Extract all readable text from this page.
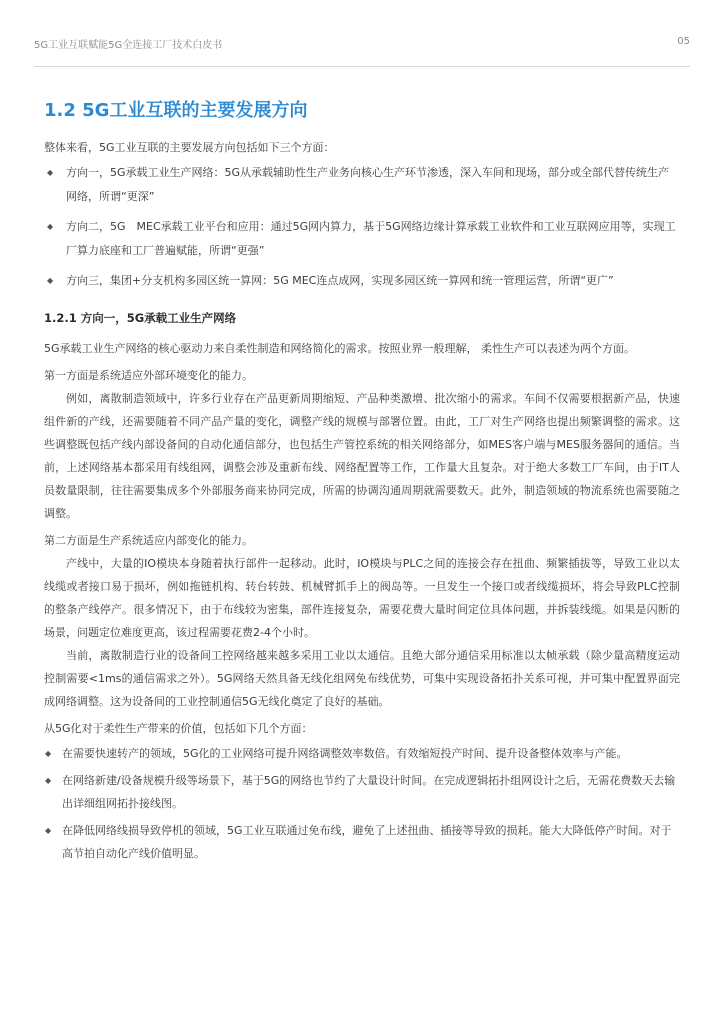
5G工业互联赋能5G全连接工厂技术白皮书	05
1.2 5G工业互联的主要发展方向

整体来看，5G工业互联的主要发展方向包括如下三个方面：

◆ 方向一，5G承载工业生产网络：5G从承载辅助性生产业务向核心生产环节渗透，深入车间和现场，部分或全部代替传统生产网络，所谓“更深”
◆ 方向二，5G　MEC承载工业平台和应用：通过5G网内算力，基于5G网络边缘计算承载工业软件和工业互联网应用等，实现工厂算力底座和工厂普遍赋能，所谓“更强”
◆ 方向三，集团+分支机构多园区统一算网：5G MEC连点成网，实现多园区统一算网和统一管理运营，所谓“更广”
1.2.1 方向一，5G承载工业生产网络

5G承载工业生产网络的核心驱动力来自柔性制造和网络简化的需求。按照业界一般理解， 柔性生产可以表述为两个方面。

第一方面是系统适应外部环境变化的能力。

例如，离散制造领域中，许多行业存在产品更新周期缩短、产品种类激增、批次缩小的需求。车间不仅需要根据新产品，快速组件新的产线，还需要随着不同产品产量的变化，调整产线的规模与部署位置。由此，工厂对生产网络也提出频繁调整的需求。这些调整既包括产线内部设备间的自动化通信部分，也包括生产管控系统的相关网络部分，如MES客户端与MES服务器间的通信。当前，上述网络基本都采用有线组网，调整会涉及重新布线、网络配置等工作，工作量大且复杂。对于绝大多数工厂车间，由于IT人员数量限制，往往需要集成多个外部服务商来协同完成，所需的协调沟通周期就需要数天。此外，制造领域的物流系统也需要随之调整。

第二方面是生产系统适应内部变化的能力。

产线中，大量的IO模块本身随着执行部件一起移动。此时，IO模块与PLC之间的连接会存在扭曲、频繁插拔等，导致工业以太线缆或者接口易于损坏，例如拖链机构、转台转鼓、机械臂抓手上的阀岛等。一旦发生一个接口或者线缆损坏，将会导致PLC控制的整条产线停产。很多情况下，由于布线较为密集，部件连接复杂，需要花费大量时间定位具体问题，并拆装线缆。如果是闪断的场景，问题定位难度更高，该过程需要花费2-4个小时。

当前，离散制造行业的设备间工控网络越来越多采用工业以太通信。且绝大部分通信采用标准以太帧承载（除少量高精度运动控制需要<1ms的通信需求之外）。5G网络天然具备无线化组网免布线优势，可集中实现设备拓扑关系可视，并可集中配置界面完成网络调整。这为设备间的工业控制通信5G无线化奠定了良好的基础。

从5G化对于柔性生产带来的价值，包括如下几个方面：

◆ 在需要快速转产的领域，5G化的工业网络可提升网络调整效率数倍。有效缩短投产时间、提升设备整体效率与产能。
◆ 在网络新建/设备规模升级等场景下，基于5G的网络也节约了大量设计时间。在完成逻辑拓扑组网设计之后，无需花费数天去输出详细组网拓扑接线图。
◆ 在降低网络线损导致停机的领域，5G工业互联通过免布线，避免了上述扭曲、插接等导致的损耗。能大大降低停产时间。对于高节拍自动化产线价值明显。
